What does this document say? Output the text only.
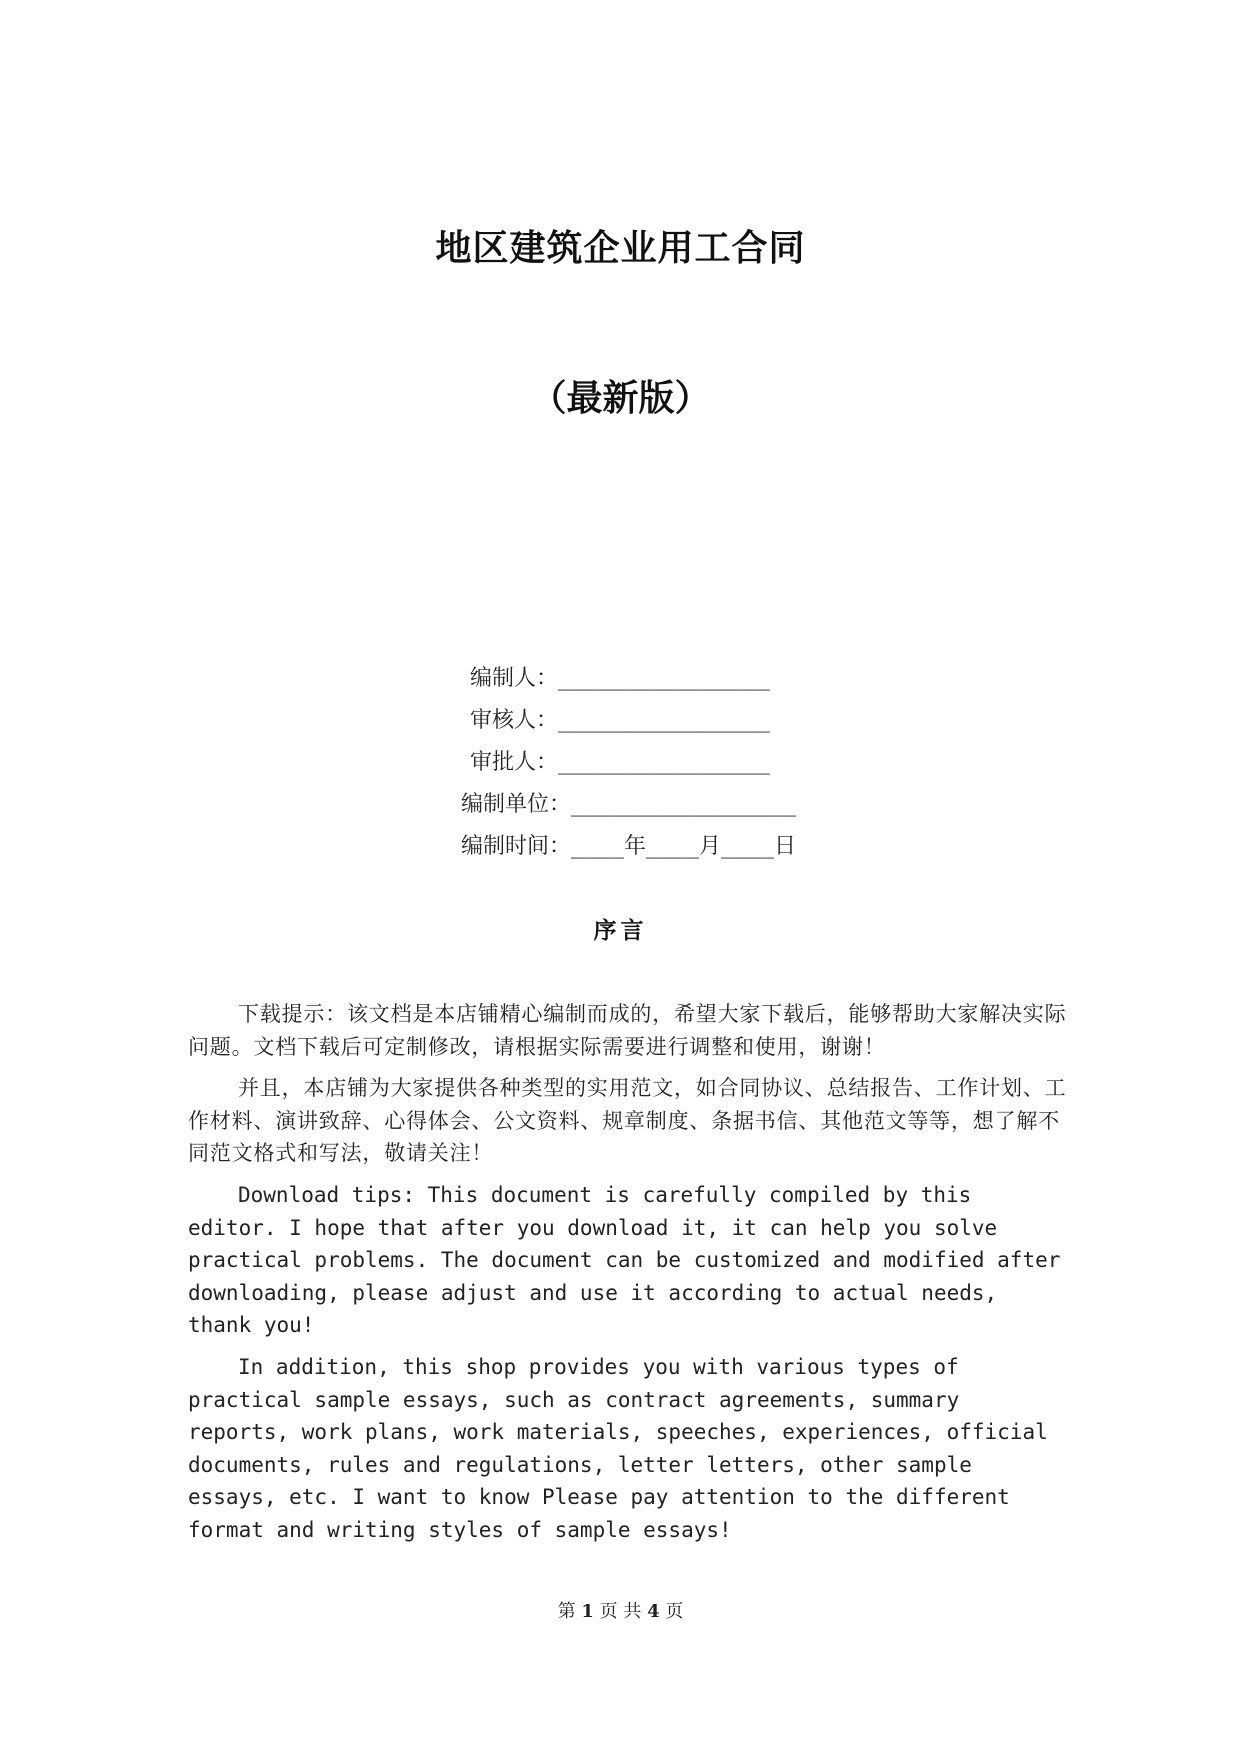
地区建筑企业用工合同
（最新版）
编制人： ________________
审核人： ________________
审批人： ________________
编制单位： _________________
编制时间： ____年____月____日
序言

下载提示：该文档是本店铺精心编制而成的，希望大家下载后，能够帮助大家解决实际问题。文档下载后可定制修改，请根据实际需要进行调整和使用，谢谢！

并且，本店铺为大家提供各种类型的实用范文，如合同协议、总结报告、工作计划、工作材料、演讲致辞、心得体会、公文资料、规章制度、条据书信、其他范文等等，想了解不同范文格式和写法，敬请关注！

Download tips: This document is carefully compiled by this editor. I hope that after you download it, it can help you solve practical problems. The document can be customized and modified after downloading, please adjust and use it according to actual needs, thank you!

In addition, this shop provides you with various types of practical sample essays, such as contract agreements, summary reports, work plans, work materials, speeches, experiences, official documents, rules and regulations, letter letters, other sample essays, etc. I want to know Please pay attention to the different format and writing styles of sample essays!

第 1 页 共 4 页
